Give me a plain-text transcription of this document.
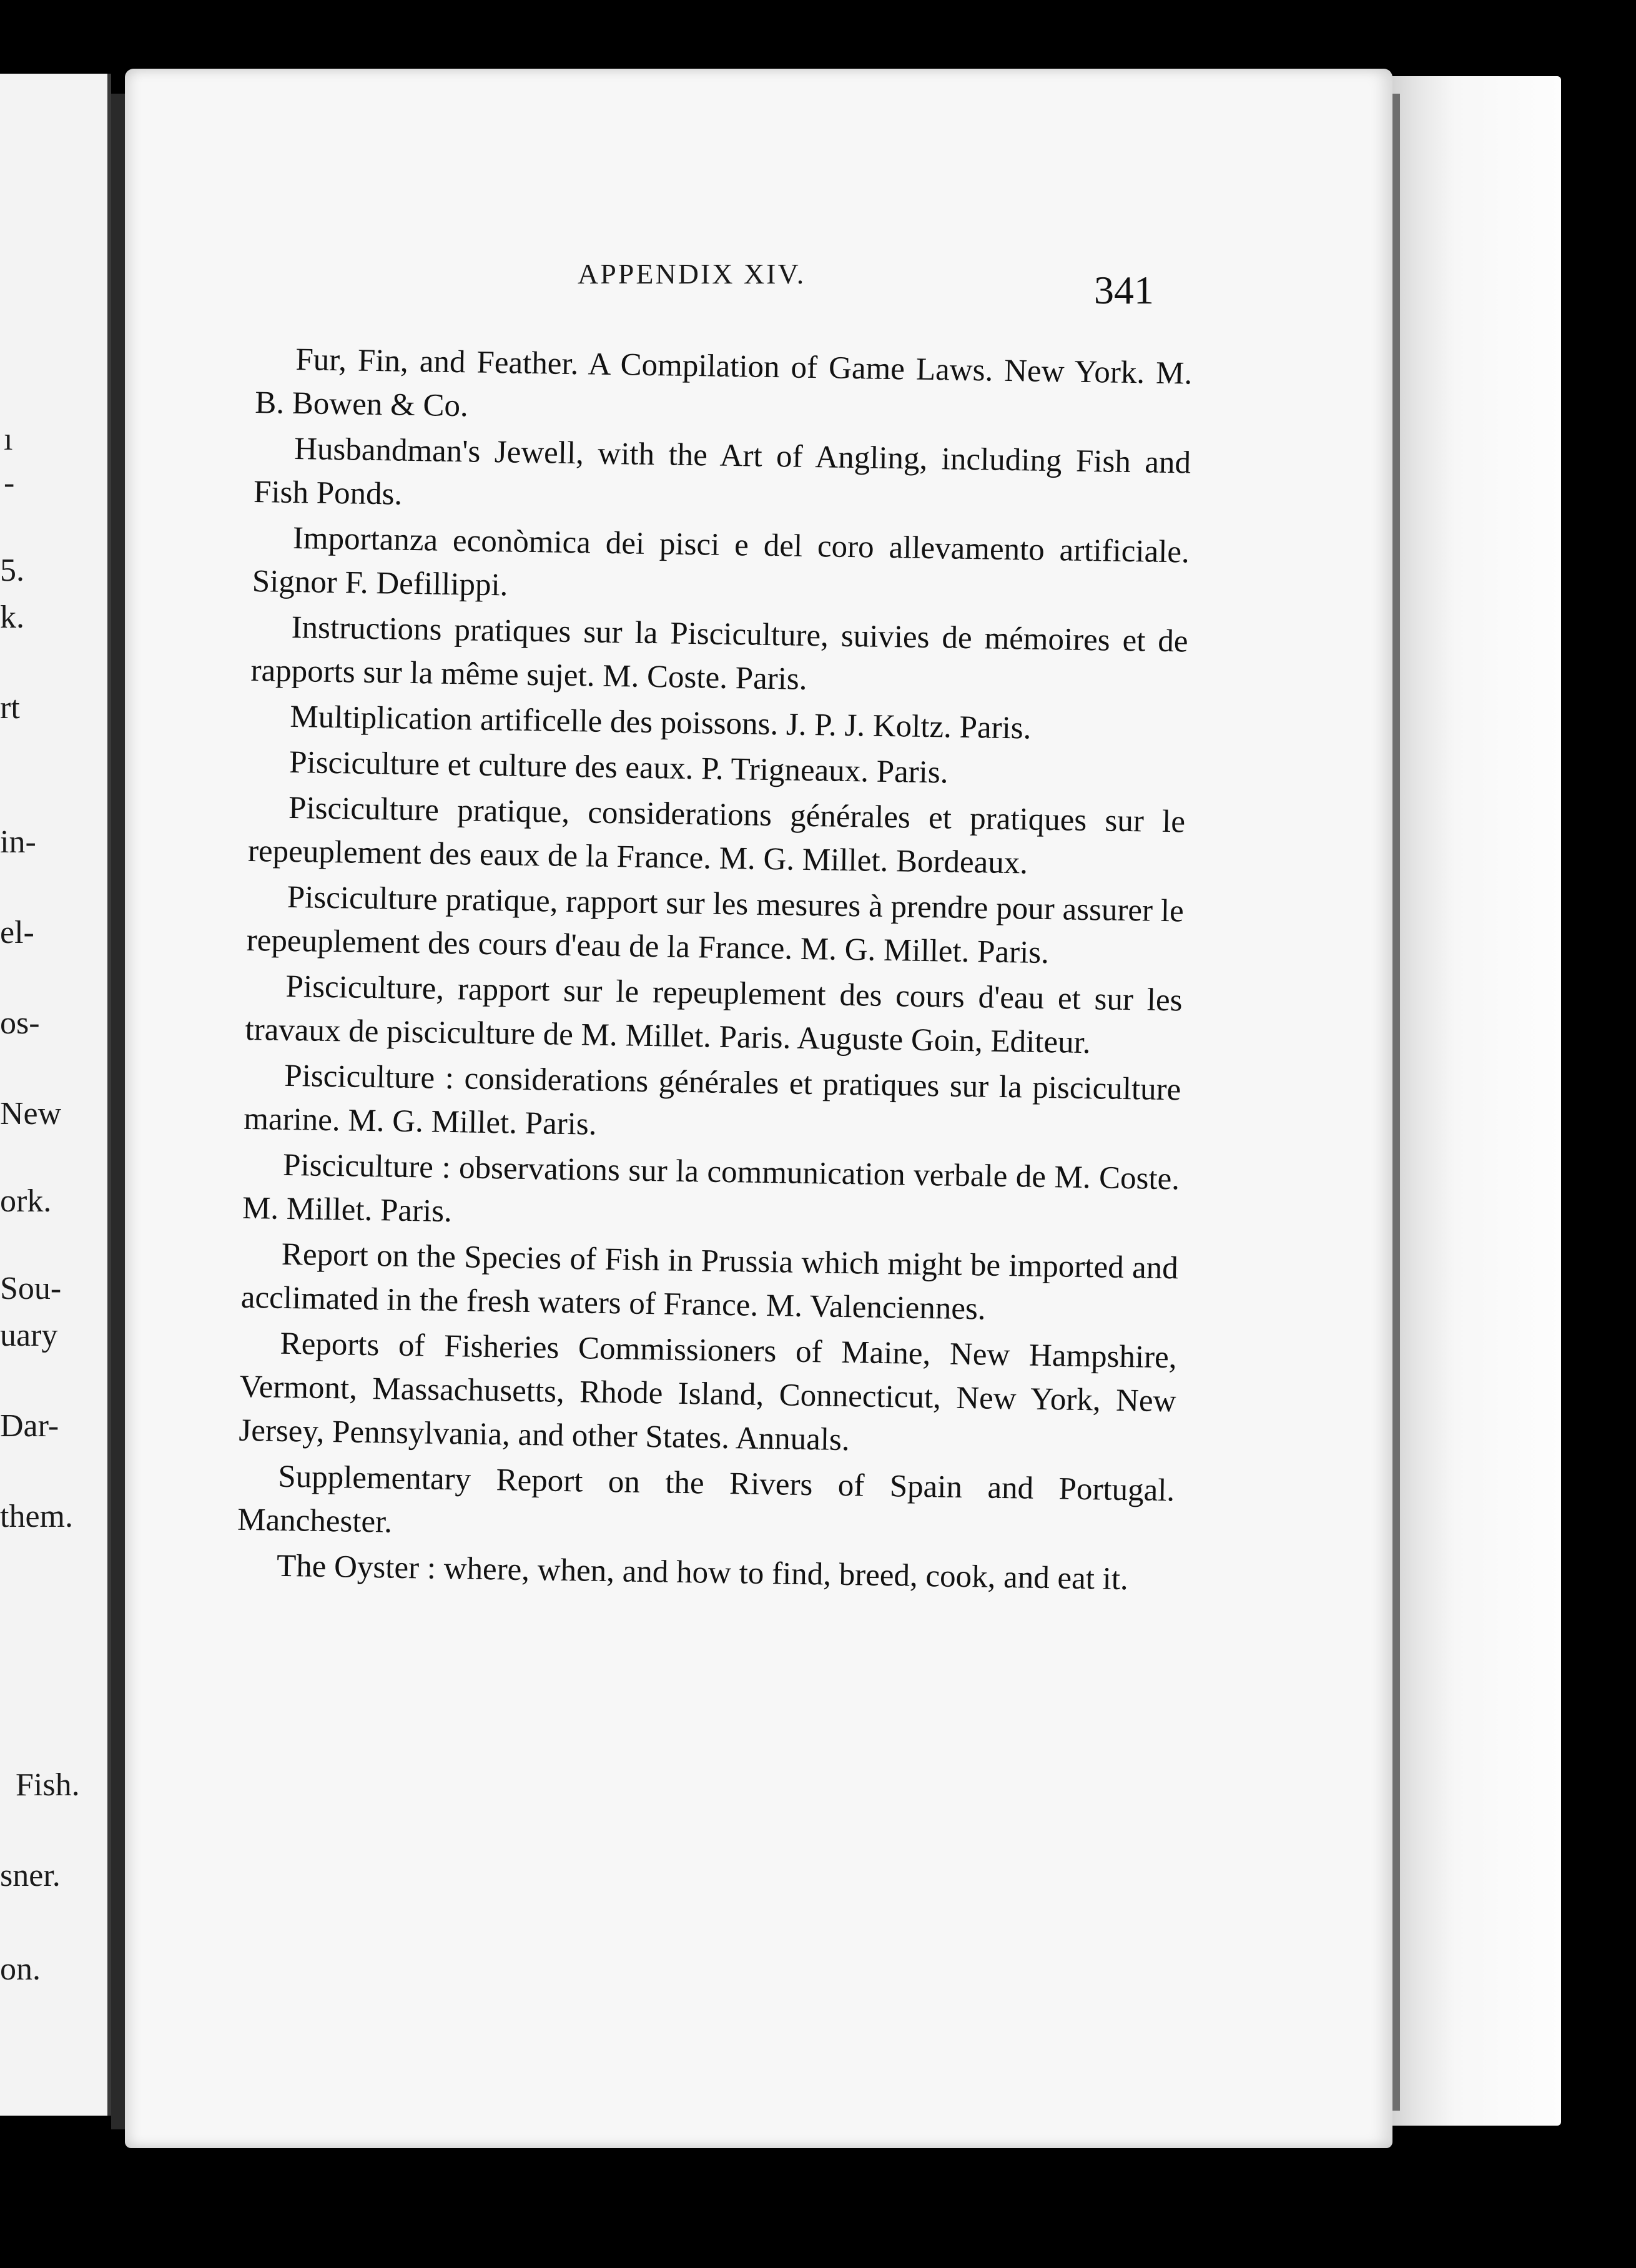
ı
-
5.
k.
rt
in-
el-
os-
New
ork.
Sou-
uary
Dar-
them.
Fish.
sner.
on.
APPENDIX XIV.	341

Fur, Fin, and Feather. A Compilation of Game Laws. New York. M. B. Bowen & Co.

Husbandman's Jewell, with the Art of Angling, including Fish and Fish Ponds.

Importanza econòmica dei pisci e del coro allevamento artificiale. Signor F. Defillippi.

Instructions pratiques sur la Pisciculture, suivies de mémoires et de rapports sur la même sujet. M. Coste. Paris.

Multiplication artificelle des poissons. J. P. J. Koltz. Paris.

Pisciculture et culture des eaux. P. Trigneaux. Paris.

Pisciculture pratique, considerations générales et pratiques sur le repeuplement des eaux de la France. M. G. Millet. Bordeaux.

Pisciculture pratique, rapport sur les mesures à prendre pour assurer le repeuplement des cours d'eau de la France. M. G. Millet. Paris.

Pisciculture, rapport sur le repeuplement des cours d'eau et sur les travaux de pisciculture de M. Millet. Paris. Auguste Goin, Editeur.

Pisciculture : considerations générales et pratiques sur la pisciculture marine. M. G. Millet. Paris.

Pisciculture : observations sur la communication verbale de M. Coste. M. Millet. Paris.

Report on the Species of Fish in Prussia which might be imported and acclimated in the fresh waters of France. M. Valenciennes.

Reports of Fisheries Commissioners of Maine, New Hampshire, Vermont, Massachusetts, Rhode Island, Connecticut, New York, New Jersey, Pennsylvania, and other States. Annuals.

Supplementary Report on the Rivers of Spain and Portugal. Manchester.

The Oyster : where, when, and how to find, breed, cook, and eat it.
